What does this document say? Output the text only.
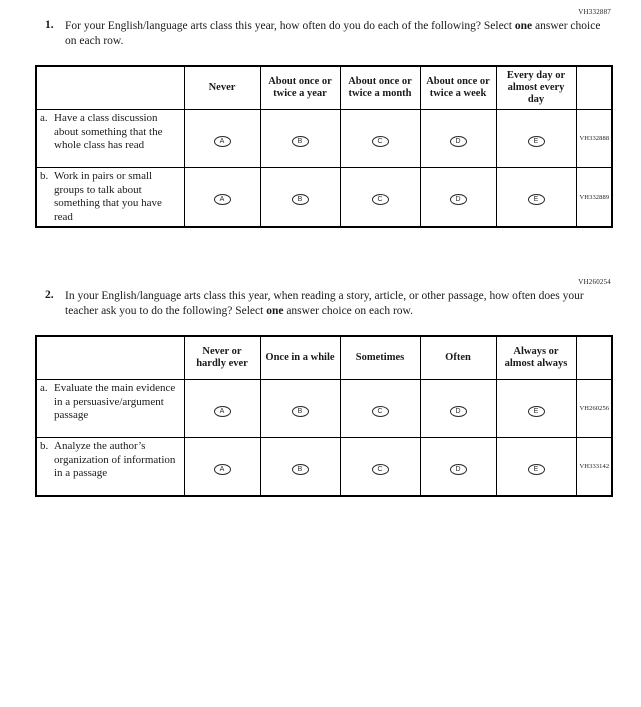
VH332887
1. For your English/language arts class this year, how often do you do each of the following? Select one answer choice on each row.
	Never	About once or twice a year	About once or twice a month	About once or twice a week	Every day or almost every day	

a. Have a class discussion about something that the whole class has read	A	B	C	D	E	VH332888

b. Work in pairs or small groups to talk about something that you have read	A	B	C	D	E	VH332889
VH260254
2. In your English/language arts class this year, when reading a story, article, or other passage, how often does your teacher ask you to do the following? Select one answer choice on each row.
	Never or hardly ever	Once in a while	Sometimes	Often	Always or almost always	

a. Evaluate the main evidence in a persuasive/argument passage	A	B	C	D	E	VH260256

b. Analyze the author’s organization of information in a passage	A	B	C	D	E	VH333142
